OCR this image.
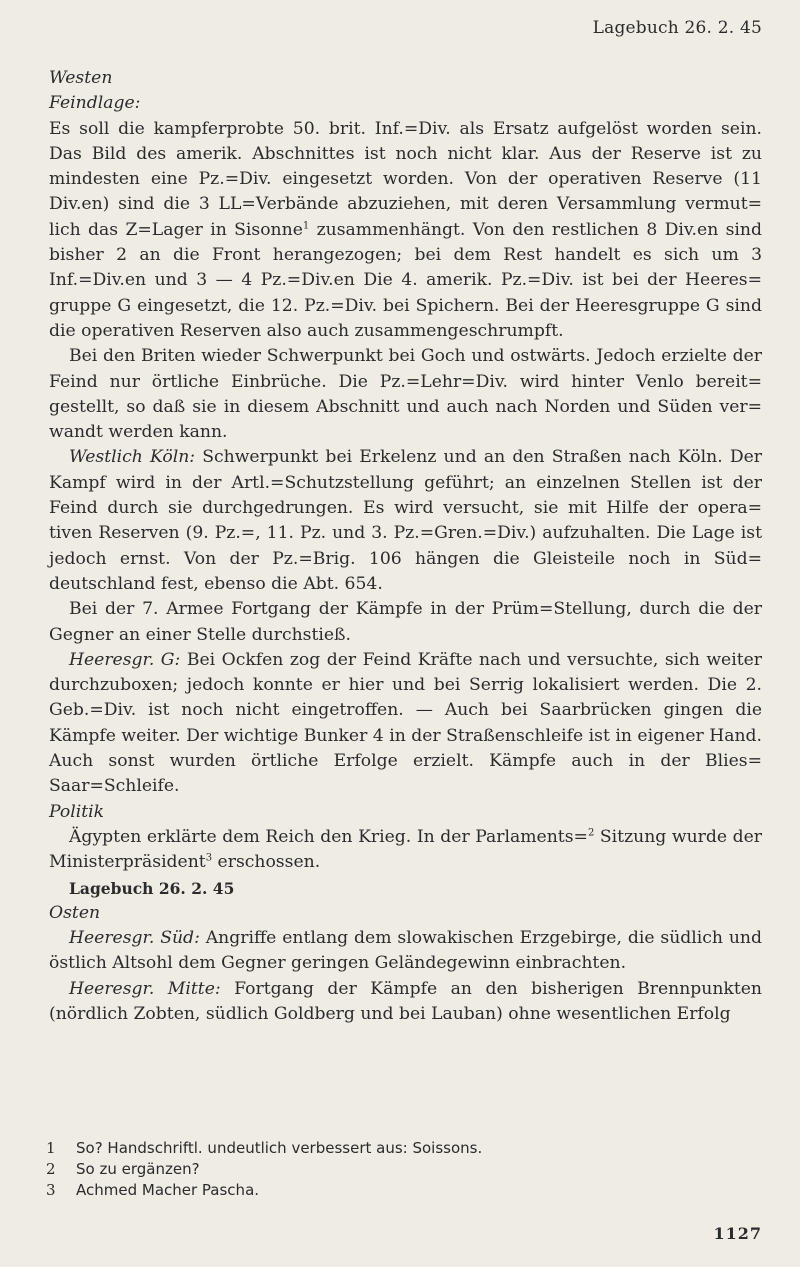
Lagebuch 26. 2. 45

Westen

Feindlage:

Es soll die kampferprobte 50. brit. Inf.=Div. als Ersatz aufgelöst worden sein. Das Bild des amerik. Abschnittes ist noch nicht klar. Aus der Reserve ist zu mindesten eine Pz.=Div. eingesetzt worden. Von der operativen Reserve (11 Div.en) sind die 3 LL=Verbände abzuziehen, mit deren Versammlung vermut= lich das Z=Lager in Sisonne$^1$ zusammenhängt. Von den restlichen 8 Div.en sind bisher 2 an die Front herangezogen; bei dem Rest handelt es sich um 3 Inf.=Div.en und 3 — 4 Pz.=Div.en Die 4. amerik. Pz.=Div. ist bei der Heeres= gruppe G eingesetzt, die 12. Pz.=Div. bei Spichern. Bei der Heeresgruppe G sind die operativen Reserven also auch zusammengeschrumpft.

Bei den Briten wieder Schwerpunkt bei Goch und ostwärts. Jedoch erzielte der Feind nur örtliche Einbrüche. Die Pz.=Lehr=Div. wird hinter Venlo bereit= gestellt, so daß sie in diesem Abschnitt und auch nach Norden und Süden ver= wandt werden kann.

Westlich Köln: Schwerpunkt bei Erkelenz und an den Straßen nach Köln. Der Kampf wird in der Artl.=Schutzstellung geführt; an einzelnen Stellen ist der Feind durch sie durchgedrungen. Es wird versucht, sie mit Hilfe der opera= tiven Reserven (9. Pz.=, 11. Pz. und 3. Pz.=Gren.=Div.) aufzuhalten. Die Lage ist jedoch ernst. Von der Pz.=Brig. 106 hängen die Gleisteile noch in Süd= deutschland fest, ebenso die Abt. 654.

Bei der 7. Armee Fortgang der Kämpfe in der Prüm=Stellung, durch die der Gegner an einer Stelle durchstieß.

Heeresgr. G: Bei Ockfen zog der Feind Kräfte nach und versuchte, sich weiter durchzuboxen; jedoch konnte er hier und bei Serrig lokalisiert werden. Die 2. Geb.=Div. ist noch nicht eingetroffen. — Auch bei Saarbrücken gingen die Kämpfe weiter. Der wichtige Bunker 4 in der Straßenschleife ist in eigener Hand. Auch sonst wurden örtliche Erfolge erzielt. Kämpfe auch in der Blies= Saar=Schleife.

Politik

Ägypten erklärte dem Reich den Krieg. In der Parlaments=$^2$ Sitzung wurde der Ministerpräsident$^3$ erschossen.

Lagebuch 26. 2. 45

Osten

Heeresgr. Süd: Angriffe entlang dem slowakischen Erzgebirge, die südlich und östlich Altsohl dem Gegner geringen Geländegewinn einbrachten.

Heeresgr. Mitte: Fortgang der Kämpfe an den bisherigen Brennpunkten (nördlich Zobten, südlich Goldberg und bei Lauban) ohne wesentlichen Erfolg

1	So? Handschriftl. undeutlich verbessert aus: Soissons.
2	So zu ergänzen?
3	Achmed Macher Pascha.
1127
